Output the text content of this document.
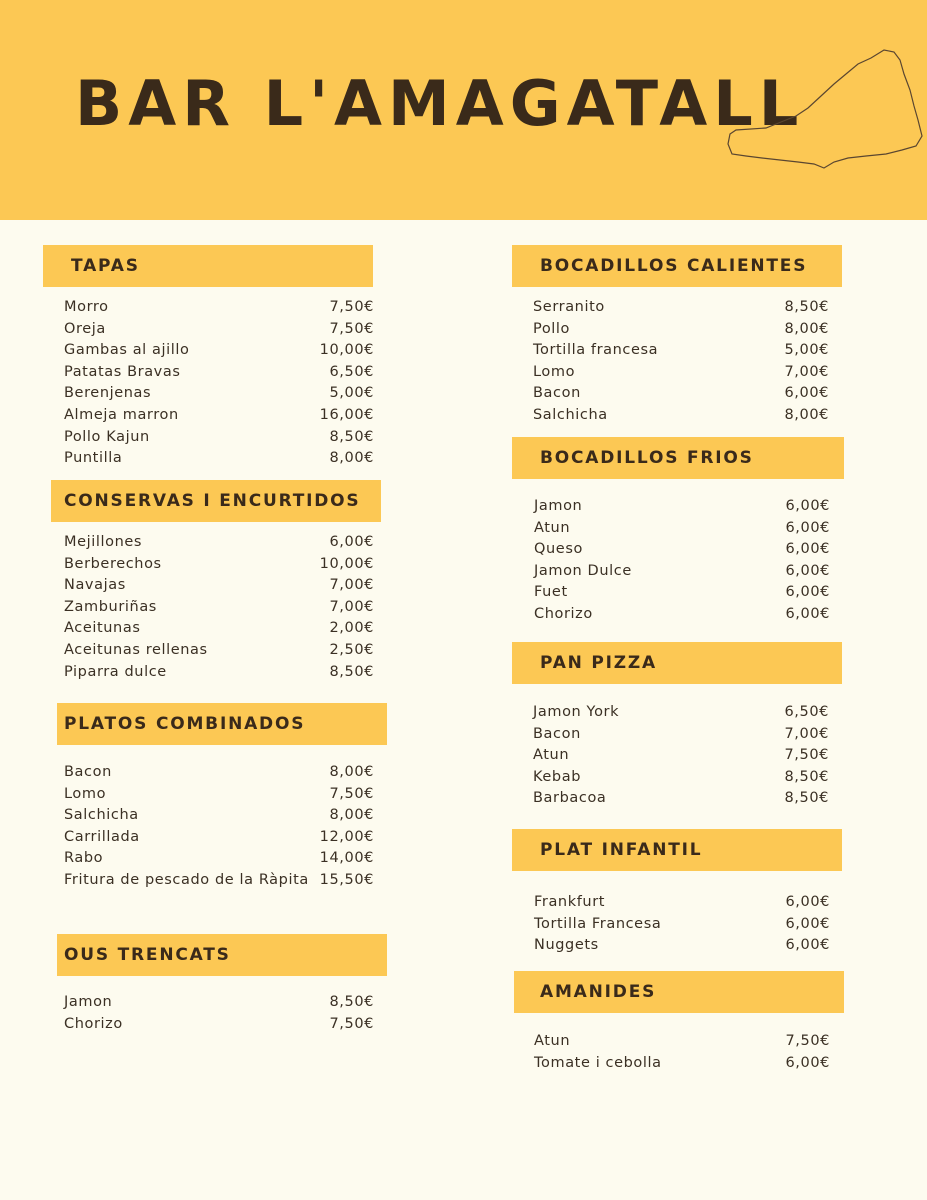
BAR L'AMAGATALL
TAPAS
Morro	7,50€
Oreja	7,50€
Gambas al ajillo	10,00€
Patatas Bravas	6,50€
Berenjenas	5,00€
Almeja marron	16,00€
Pollo Kajun	8,50€
Puntilla	8,00€
CONSERVAS I ENCURTIDOS
Mejillones	6,00€
Berberechos	10,00€
Navajas	7,00€
Zamburiñas	7,00€
Aceitunas	2,00€
Aceitunas rellenas	2,50€
Piparra dulce	8,50€
PLATOS COMBINADOS
Bacon	8,00€
Lomo	7,50€
Salchicha	8,00€
Carrillada	12,00€
Rabo	14,00€
Fritura de pescado de la Ràpita 15,50€
OUS TRENCATS
Jamon	8,50€
Chorizo	7,50€
BOCADILLOS CALIENTES
Serranito	8,50€
Pollo	8,00€
Tortilla francesa	5,00€
Lomo	7,00€
Bacon	6,00€
Salchicha	8,00€
BOCADILLOS FRIOS
Jamon	6,00€
Atun	6,00€
Queso	6,00€
Jamon Dulce	6,00€
Fuet	6,00€
Chorizo	6,00€
PAN PIZZA
Jamon York	6,50€
Bacon	7,00€
Atun	7,50€
Kebab	8,50€
Barbacoa	8,50€
PLAT INFANTIL
Frankfurt	6,00€
Tortilla Francesa	6,00€
Nuggets	6,00€
AMANIDES
Atun	7,50€
Tomate i cebolla	6,00€
